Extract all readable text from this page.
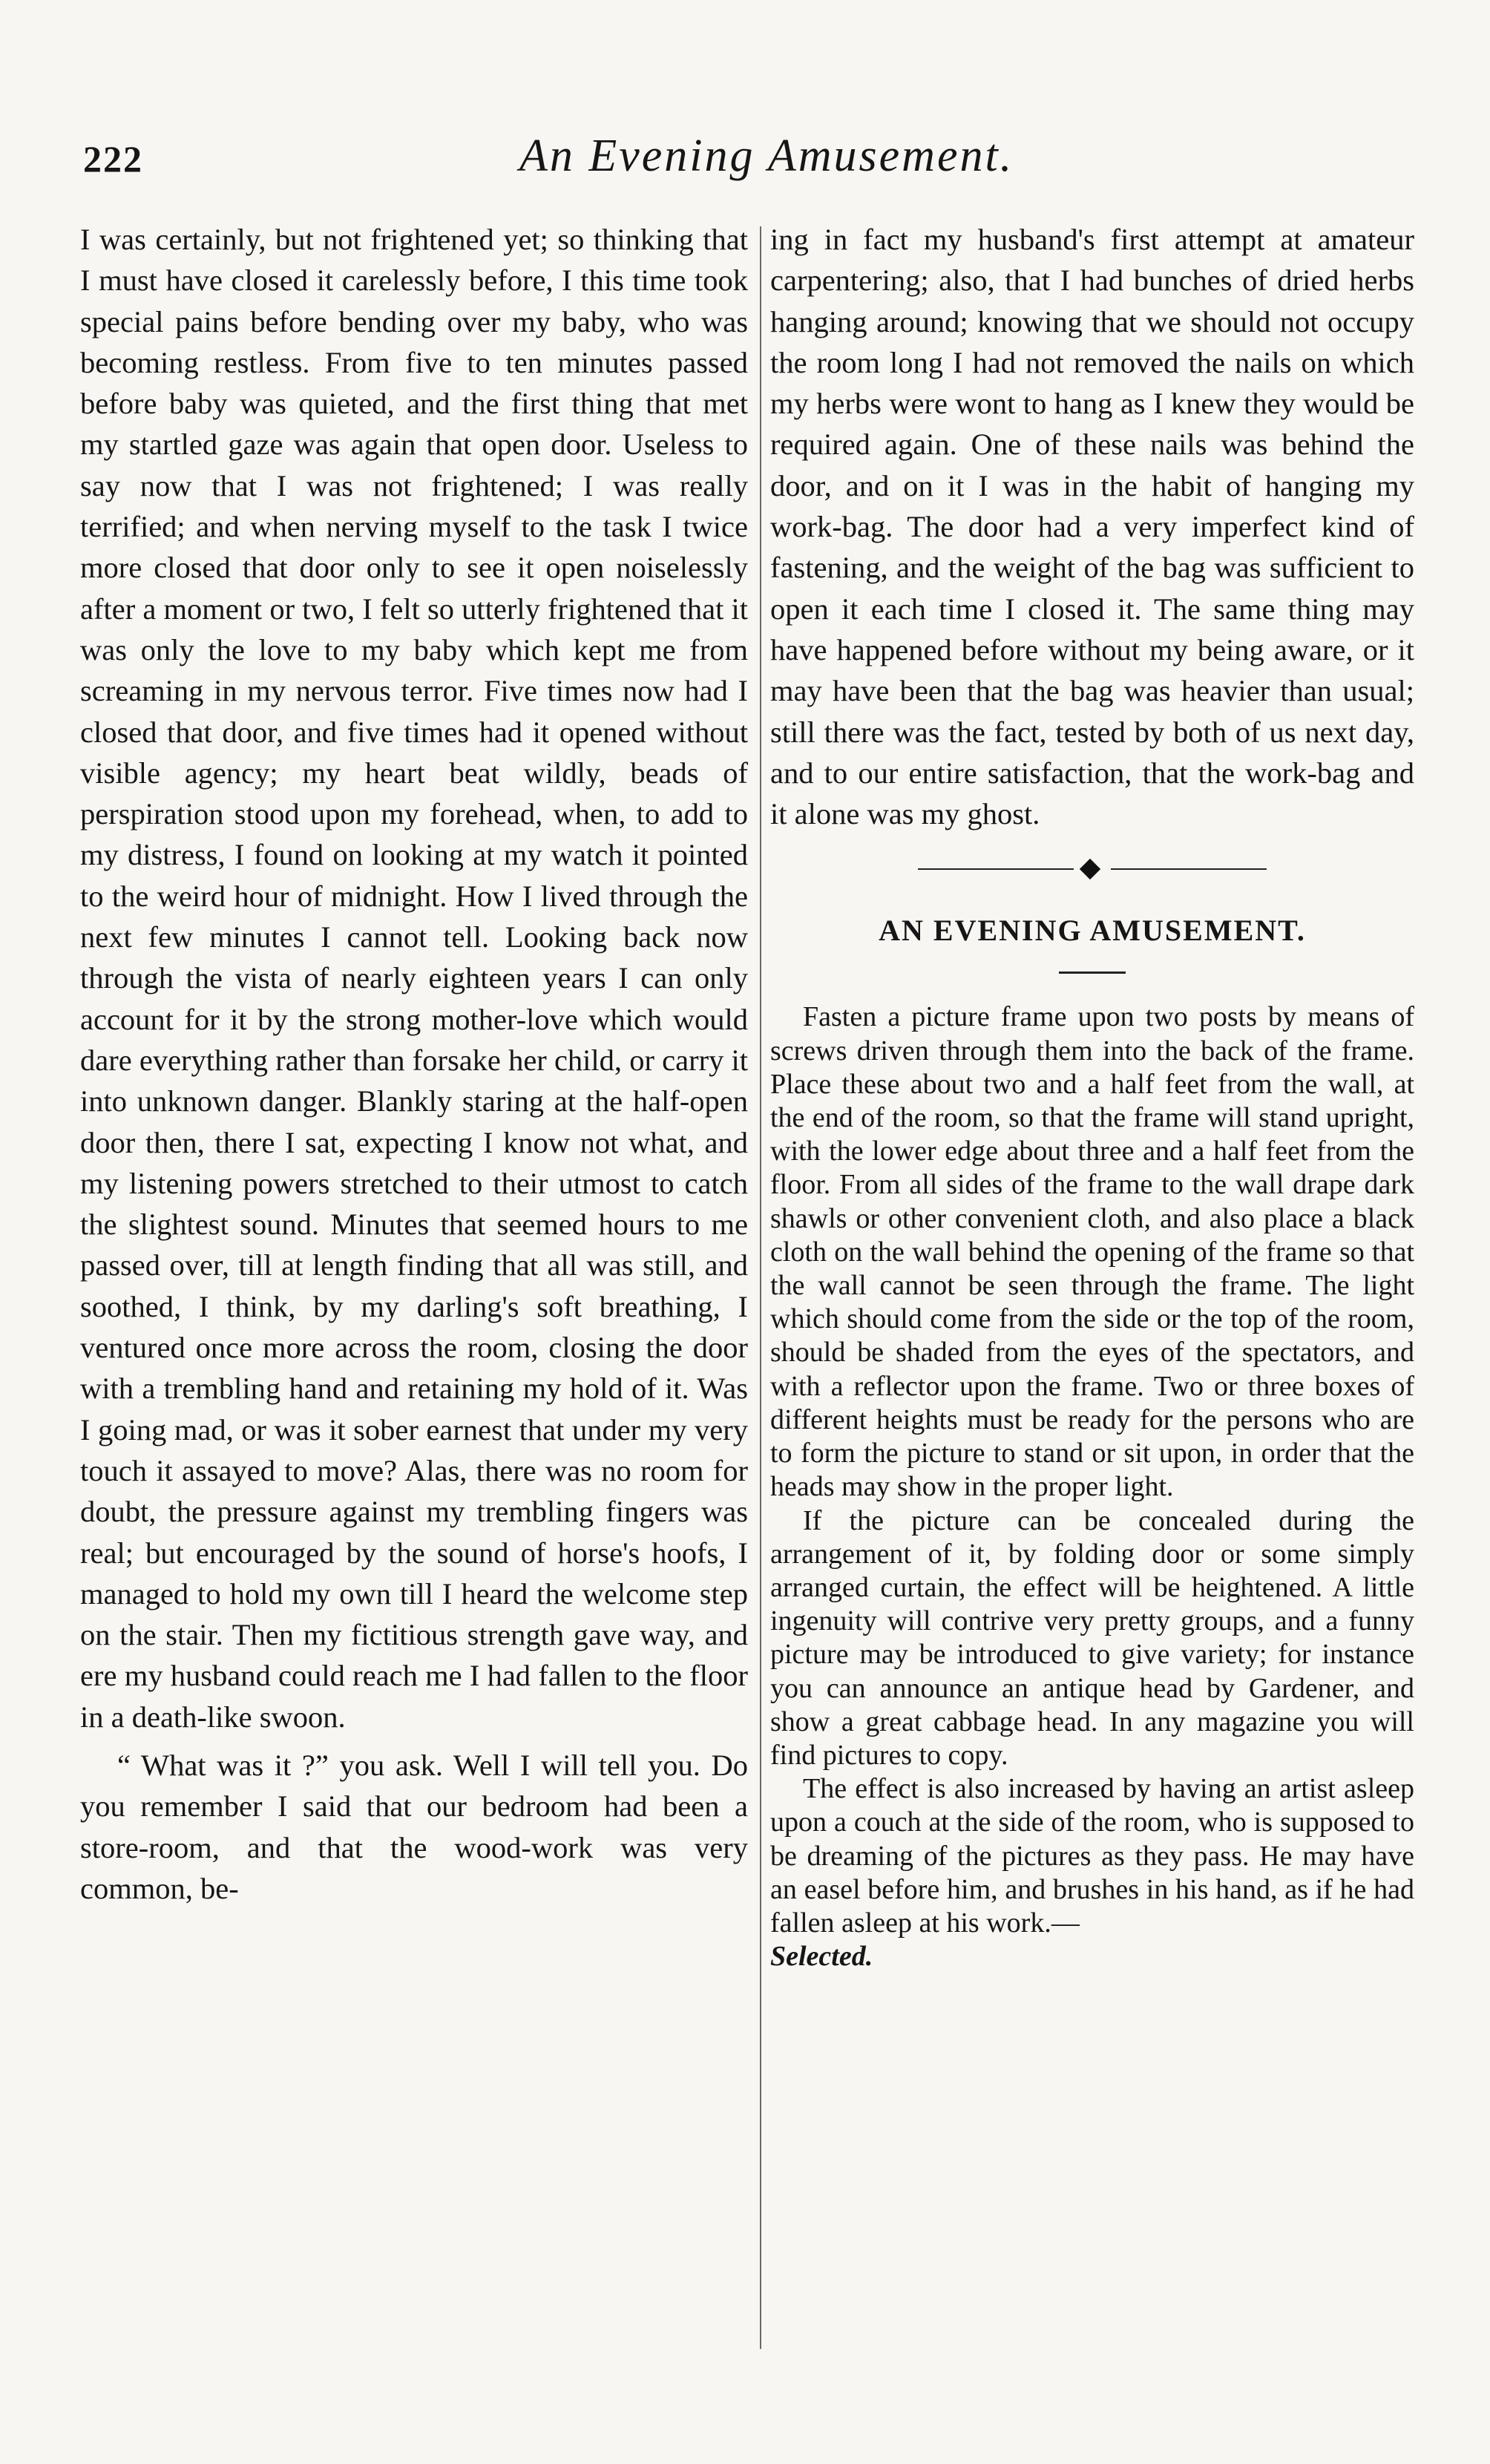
222	An Evening Amusement.

I was certainly, but not frightened yet; so thinking that I must have closed it carelessly before, I this time took special pains before bending over my baby, who was becoming restless. From five to ten minutes passed before baby was quieted, and the first thing that met my startled gaze was again that open door. Useless to say now that I was not frightened; I was really terrified; and when nerving myself to the task I twice more closed that door only to see it open noiselessly after a moment or two, I felt so utterly frightened that it was only the love to my baby which kept me from screaming in my nervous terror. Five times now had I closed that door, and five times had it opened without visible agency; my heart beat wildly, beads of perspiration stood upon my forehead, when, to add to my distress, I found on looking at my watch it pointed to the weird hour of midnight. How I lived through the next few minutes I cannot tell. Looking back now through the vista of nearly eighteen years I can only account for it by the strong mother-love which would dare everything rather than forsake her child, or carry it into unknown danger. Blankly staring at the half-open door then, there I sat, expecting I know not what, and my listening powers stretched to their utmost to catch the slightest sound. Minutes that seemed hours to me passed over, till at length finding that all was still, and soothed, I think, by my darling's soft breathing, I ventured once more across the room, closing the door with a trembling hand and retaining my hold of it. Was I going mad, or was it sober earnest that under my very touch it assayed to move? Alas, there was no room for doubt, the pressure against my trembling fingers was real; but encouraged by the sound of horse's hoofs, I managed to hold my own till I heard the welcome step on the stair. Then my fictitious strength gave way, and ere my husband could reach me I had fallen to the floor in a death-like swoon.

“ What was it ?” you ask. Well I will tell you. Do you remember I said that our bedroom had been a store-room, and that the wood-work was very common, be-

ing in fact my husband's first attempt at amateur carpentering; also, that I had bunches of dried herbs hanging around; knowing that we should not occupy the room long I had not removed the nails on which my herbs were wont to hang as I knew they would be required again. One of these nails was behind the door, and on it I was in the habit of hanging my work-bag. The door had a very imperfect kind of fastening, and the weight of the bag was sufficient to open it each time I closed it. The same thing may have happened before without my being aware, or it may have been that the bag was heavier than usual; still there was the fact, tested by both of us next day, and to our entire satisfaction, that the work-bag and it alone was my ghost.

AN EVENING AMUSEMENT.

Fasten a picture frame upon two posts by means of screws driven through them into the back of the frame. Place these about two and a half feet from the wall, at the end of the room, so that the frame will stand upright, with the lower edge about three and a half feet from the floor. From all sides of the frame to the wall drape dark shawls or other convenient cloth, and also place a black cloth on the wall behind the opening of the frame so that the wall cannot be seen through the frame. The light which should come from the side or the top of the room, should be shaded from the eyes of the spectators, and with a reflector upon the frame. Two or three boxes of different heights must be ready for the persons who are to form the picture to stand or sit upon, in order that the heads may show in the proper light.

If the picture can be concealed during the arrangement of it, by folding door or some simply arranged curtain, the effect will be heightened. A little ingenuity will contrive very pretty groups, and a funny picture may be introduced to give variety; for instance you can announce an antique head by Gardener, and show a great cabbage head. In any magazine you will find pictures to copy.

The effect is also increased by having an artist asleep upon a couch at the side of the room, who is supposed to be dreaming of the pictures as they pass. He may have an easel before him, and brushes in his hand, as if he had fallen asleep at his work.—
Selected.
